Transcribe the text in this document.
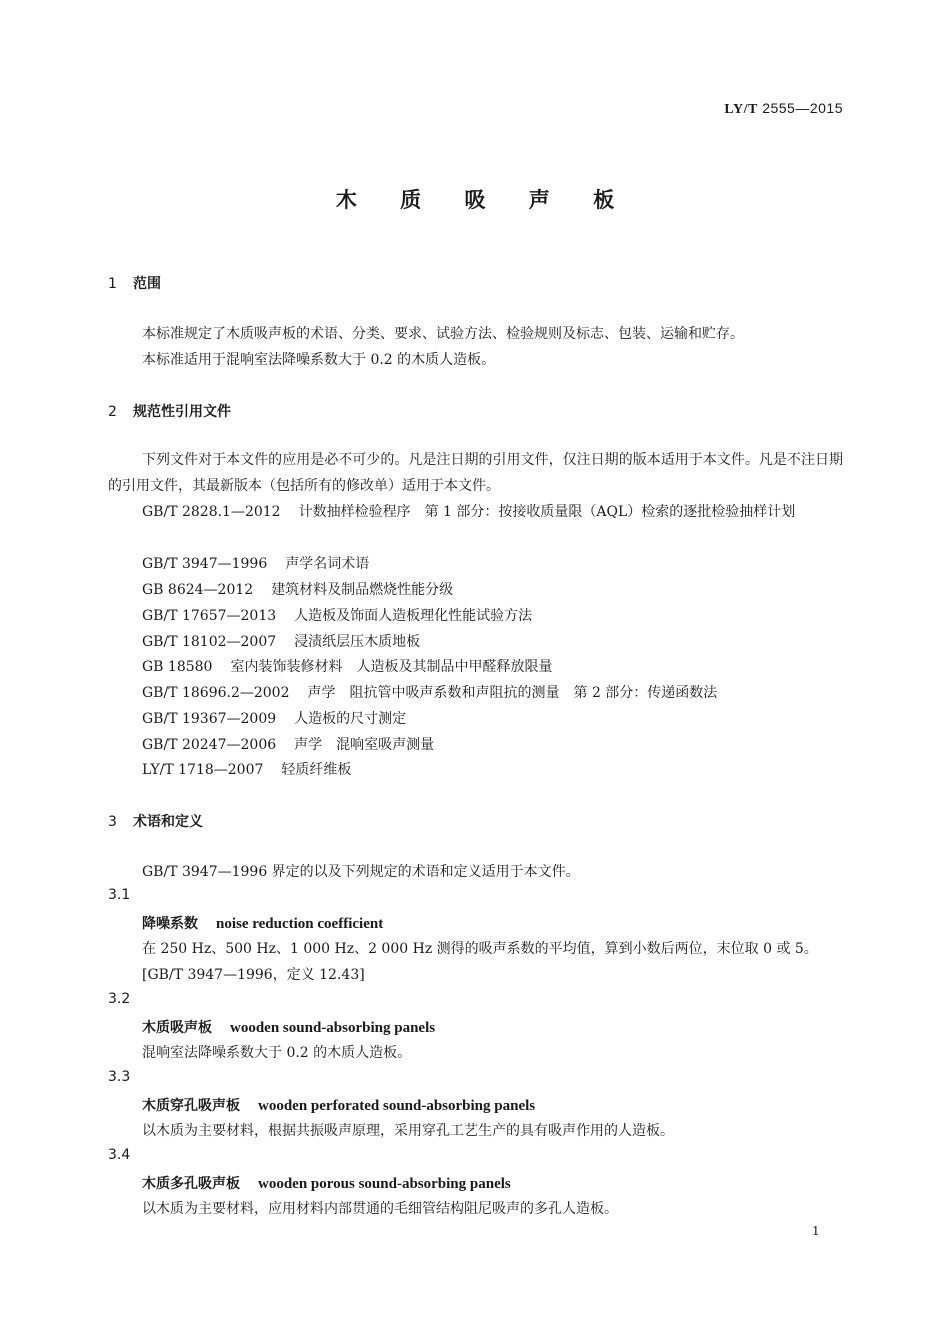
LY/T 2555—2015
木 质 吸 声 板
1 范围
本标准规定了木质吸声板的术语、分类、要求、试验方法、检验规则及标志、包装、运输和贮存。
本标准适用于混响室法降噪系数大于 0.2 的木质人造板。
2 规范性引用文件
下列文件对于本文件的应用是必不可少的。凡是注日期的引用文件，仅注日期的版本适用于本文件。凡是不注日期的引用文件，其最新版本（包括所有的修改单）适用于本文件。
GB/T 2828.1—2012 计数抽样检验程序　第 1 部分：按接收质量限（AQL）检索的逐批检验抽样计划
GB/T 3947—1996 声学名词术语
GB 8624—2012 建筑材料及制品燃烧性能分级
GB/T 17657—2013 人造板及饰面人造板理化性能试验方法
GB/T 18102—2007 浸渍纸层压木质地板
GB 18580 室内装饰装修材料　人造板及其制品中甲醛释放限量
GB/T 18696.2—2002 声学　阻抗管中吸声系数和声阻抗的测量　第 2 部分：传递函数法
GB/T 19367—2009 人造板的尺寸测定
GB/T 20247—2006 声学　混响室吸声测量
LY/T 1718—2007 轻质纤维板
3 术语和定义
GB/T 3947—1996 界定的以及下列规定的术语和定义适用于本文件。
3.1
降噪系数 noise reduction coefficient
在 250 Hz、500 Hz、1 000 Hz、2 000 Hz 测得的吸声系数的平均值，算到小数后两位，末位取 0 或 5。
[GB/T 3947—1996，定义 12.43]
3.2
木质吸声板 wooden sound-absorbing panels
混响室法降噪系数大于 0.2 的木质人造板。
3.3
木质穿孔吸声板 wooden perforated sound-absorbing panels
以木质为主要材料，根据共振吸声原理，采用穿孔工艺生产的具有吸声作用的人造板。
3.4
木质多孔吸声板 wooden porous sound-absorbing panels
以木质为主要材料，应用材料内部贯通的毛细管结构阻尼吸声的多孔人造板。
1
